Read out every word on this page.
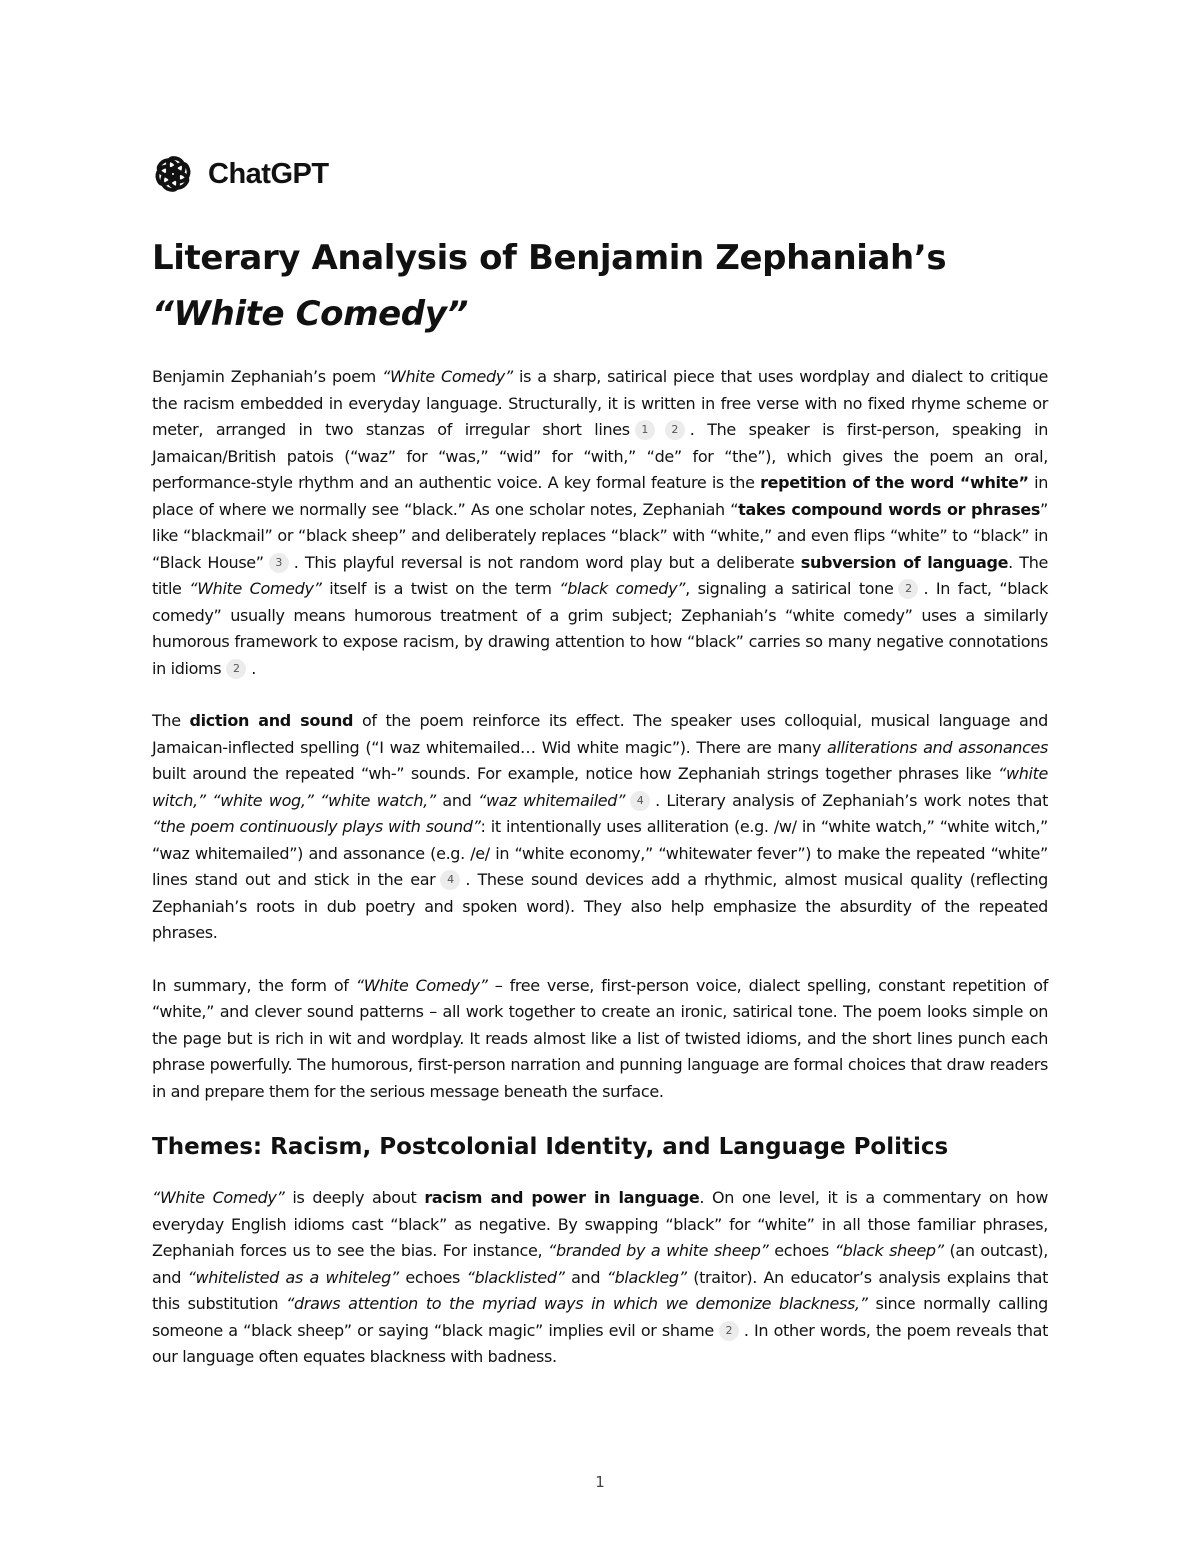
ChatGPT
Literary Analysis of Benjamin Zephaniah’s “White Comedy”

Benjamin Zephaniah’s poem “White Comedy” is a sharp, satirical piece that uses wordplay and dialect to critique the racism embedded in everyday language. Structurally, it is written in free verse with no fixed rhyme scheme or meter, arranged in two stanzas of irregular short lines 1 2 . The speaker is first-person, speaking in Jamaican/British patois (“waz” for “was,” “wid” for “with,” “de” for “the”), which gives the poem an oral, performance-style rhythm and an authentic voice. A key formal feature is the repetition of the word “white” in place of where we normally see “black.” As one scholar notes, Zephaniah “takes compound words or phrases” like “blackmail” or “black sheep” and deliberately replaces “black” with “white,” and even flips “white” to “black” in “Black House” 3 . This playful reversal is not random word play but a deliberate subversion of language. The title “White Comedy” itself is a twist on the term “black comedy”, signaling a satirical tone 2 . In fact, “black comedy” usually means humorous treatment of a grim subject; Zephaniah’s “white comedy” uses a similarly humorous framework to expose racism, by drawing attention to how “black” carries so many negative connotations in idioms 2 .

The diction and sound of the poem reinforce its effect. The speaker uses colloquial, musical language and Jamaican-inflected spelling (“I waz whitemailed… Wid white magic”). There are many alliterations and assonances built around the repeated “wh-” sounds. For example, notice how Zephaniah strings together phrases like “white witch,” “white wog,” “white watch,” and “waz whitemailed” 4 . Literary analysis of Zephaniah’s work notes that “the poem continuously plays with sound”: it intentionally uses alliteration (e.g. /w/ in “white watch,” “white witch,” “waz whitemailed”) and assonance (e.g. /e/ in “white economy,” “whitewater fever”) to make the repeated “white” lines stand out and stick in the ear 4 . These sound devices add a rhythmic, almost musical quality (reflecting Zephaniah’s roots in dub poetry and spoken word). They also help emphasize the absurdity of the repeated phrases.

In summary, the form of “White Comedy” – free verse, first-person voice, dialect spelling, constant repetition of “white,” and clever sound patterns – all work together to create an ironic, satirical tone. The poem looks simple on the page but is rich in wit and wordplay. It reads almost like a list of twisted idioms, and the short lines punch each phrase powerfully. The humorous, first-person narration and punning language are formal choices that draw readers in and prepare them for the serious message beneath the surface.

Themes: Racism, Postcolonial Identity, and Language Politics

“White Comedy” is deeply about racism and power in language. On one level, it is a commentary on how everyday English idioms cast “black” as negative. By swapping “black” for “white” in all those familiar phrases, Zephaniah forces us to see the bias. For instance, “branded by a white sheep” echoes “black sheep” (an outcast), and “whitelisted as a whiteleg” echoes “blacklisted” and “blackleg” (traitor). An educator’s analysis explains that this substitution “draws attention to the myriad ways in which we demonize blackness,” since normally calling someone a “black sheep” or saying “black magic” implies evil or shame 2 . In other words, the poem reveals that our language often equates blackness with badness.

1
